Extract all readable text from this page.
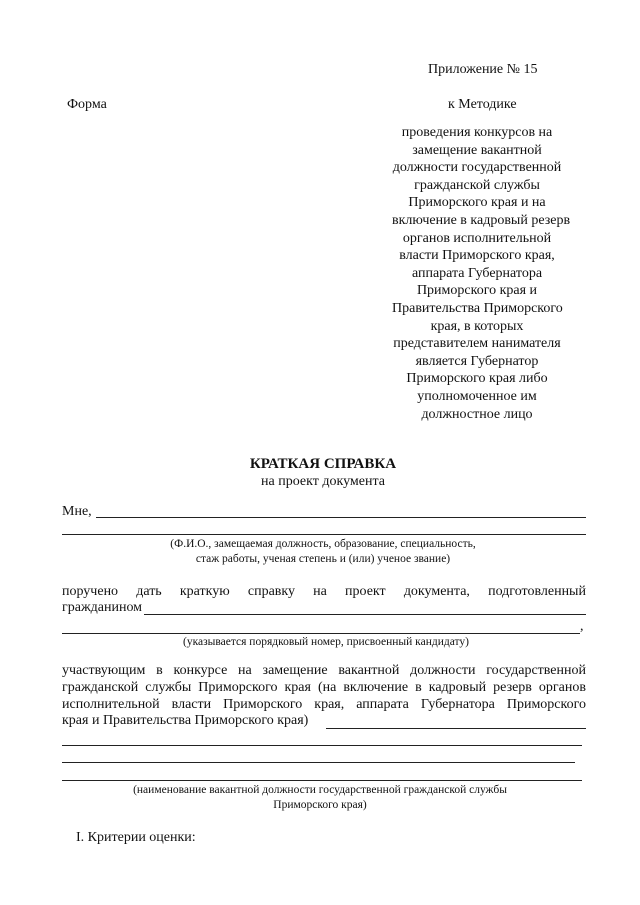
Приложение № 15
Форма	к Методике
проведения конкурсов на
замещение вакантной
должности государственной
гражданской службы
Приморского края и на
включение в кадровый резерв
органов исполнительной
власти Приморского края,
аппарата Губернатора
Приморского края и
Правительства Приморского
края, в которых
представителем нанимателя
является Губернатор
Приморского края либо
уполномоченное им
должностное лицо
КРАТКАЯ СПРАВКА
на проект документа
Мне,
(Ф.И.О., замещаемая должность, образование, специальность,
стаж работы, ученая степень и (или) ученое звание)
поручено дать краткую справку на проект документа, подготовленный
гражданином
,
(указывается порядковый номер, присвоенный кандидату)
участвующим в конкурсе на замещение вакантной должности государственной
гражданской службы Приморского края (на включение в кадровый резерв органов
исполнительной власти Приморского края, аппарата Губернатора Приморского
края и Правительства Приморского края)
(наименование вакантной должности государственной гражданской службы
Приморского края)
I. Критерии оценки:
